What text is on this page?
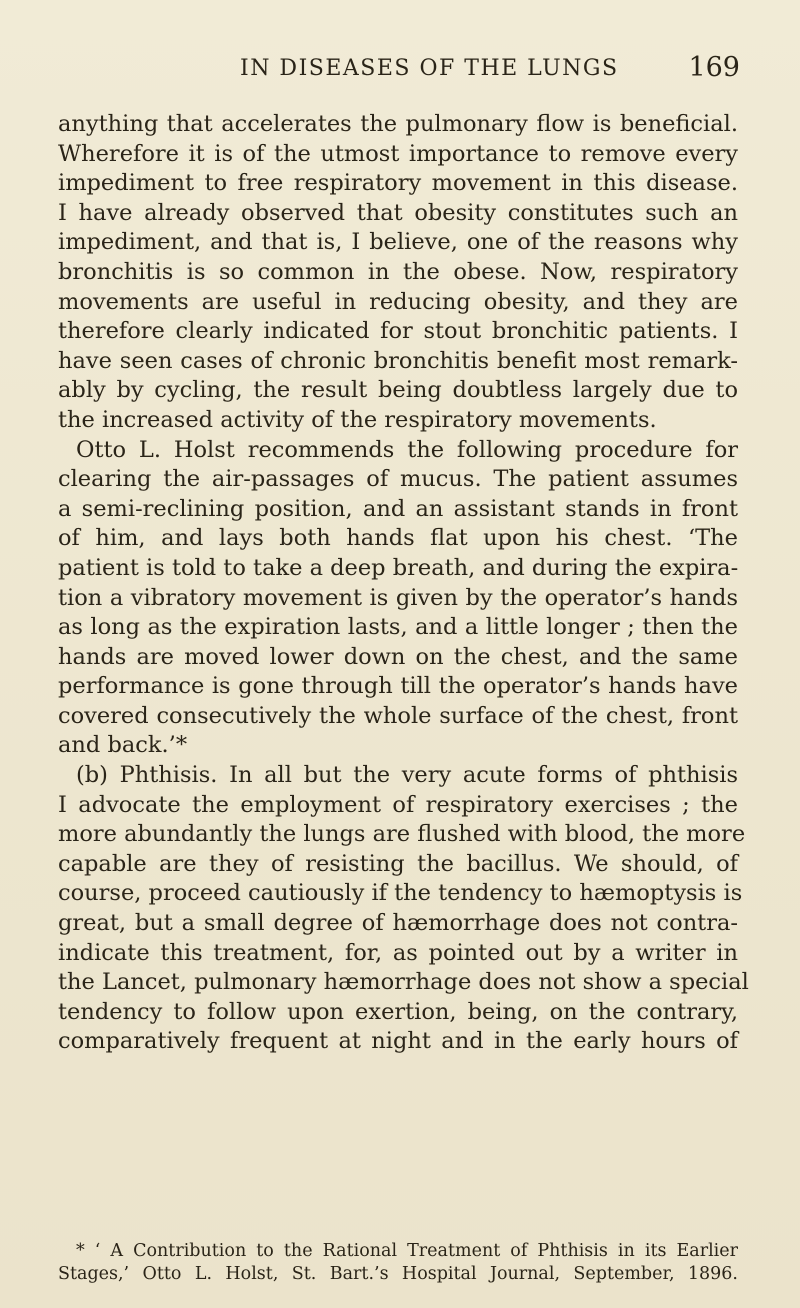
IN DISEASES OF THE LUNGS	169
anything that accelerates the pulmonary flow is beneficial.
Wherefore it is of the utmost importance to remove every
impediment to free respiratory movement in this disease.
I have already observed that obesity constitutes such an
impediment, and that is, I believe, one of the reasons why
bronchitis is so common in the obese. Now, respiratory
movements are useful in reducing obesity, and they are
therefore clearly indicated for stout bronchitic patients. I
have seen cases of chronic bronchitis benefit most remark-
ably by cycling, the result being doubtless largely due to
the increased activity of the respiratory movements.
Otto L. Holst recommends the following procedure for
clearing the air-passages of mucus. The patient assumes
a semi-reclining position, and an assistant stands in front
of him, and lays both hands flat upon his chest. ‘The
patient is told to take a deep breath, and during the expira-
tion a vibratory movement is given by the operator’s hands
as long as the expiration lasts, and a little longer ; then the
hands are moved lower down on the chest, and the same
performance is gone through till the operator’s hands have
covered consecutively the whole surface of the chest, front
and back.’*
(b) Phthisis. In all but the very acute forms of phthisis
I advocate the employment of respiratory exercises ; the
more abundantly the lungs are flushed with blood, the more
capable are they of resisting the bacillus. We should, of
course, proceed cautiously if the tendency to hæmoptysis is
great, but a small degree of hæmorrhage does not contra-
indicate this treatment, for, as pointed out by a writer in
the Lancet, pulmonary hæmorrhage does not show a special
tendency to follow upon exertion, being, on the contrary,
comparatively frequent at night and in the early hours of
* ‘ A Contribution to the Rational Treatment of Phthisis in its Earlier
Stages,’ Otto L. Holst, St. Bart.’s Hospital Journal, September, 1896.
